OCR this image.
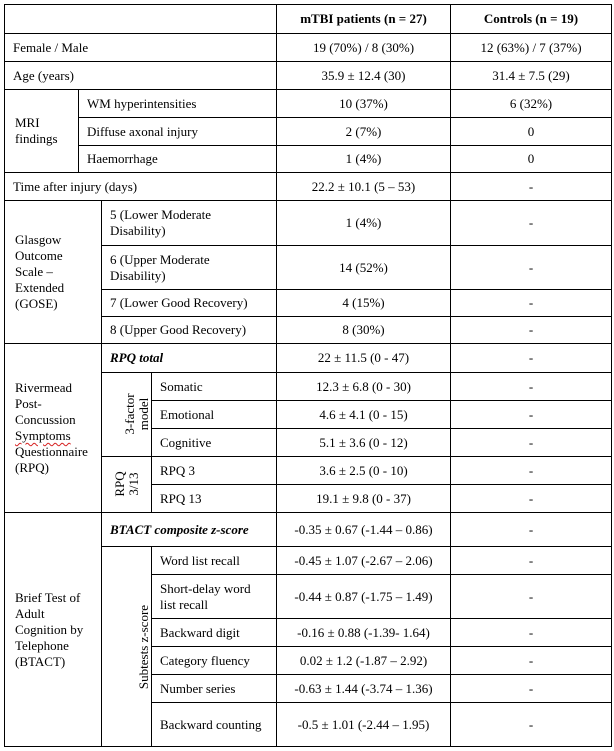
				mTBI patients (n = 27)	Controls (n = 19)
Female / Male				19 (70%) / 8 (30%)	12 (63%) / 7 (37%)
Age (years)				35.9 ± 12.4 (30)	31.4 ± 7.5 (29)
MRI findings	WM hyperintensities			10 (37%)	6 (32%)
	Diffuse axonal injury			2 (7%)	0
	Haemorrhage			1 (4%)	0
Time after injury (days)				22.2 ± 10.1 (5 – 53)	-
Glasgow Outcome Scale – Extended (GOSE)		5 (Lower Moderate Disability)		1 (4%)	-
		6 (Upper Moderate Disability)		14 (52%)	-
		7 (Lower Good Recovery)		4 (15%)	-
		8 (Upper Good Recovery)		8 (30%)	-
Rivermead Post-Concussion Symptoms Questionnaire (RPQ)		RPQ total		22 ± 11.5 (0 - 47)	-
		3-factor model	Somatic	12.3 ± 6.8 (0 - 30)	-
			Emotional	4.6 ± 4.1 (0 - 15)	-
			Cognitive	5.1 ± 3.6 (0 - 12)	-
		RPQ 3/13	RPQ 3	3.6 ± 2.5 (0 - 10)	-
			RPQ 13	19.1 ± 9.8 (0 - 37)	-
Brief Test of Adult Cognition by Telephone (BTACT)		BTACT composite z-score		-0.35 ± 0.67 (-1.44 – 0.86)	-
		Subtests z-score	Word list recall	-0.45 ± 1.07 (-2.67 – 2.06)	-
			Short-delay word list recall	-0.44 ± 0.87 (-1.75 – 1.49)	-
			Backward digit	-0.16 ± 0.88 (-1.39- 1.64)	-
			Category fluency	0.02 ± 1.2 (-1.87 – 2.92)	-
			Number series	-0.63 ± 1.44 (-3.74 – 1.36)	-
			Backward counting	-0.5 ± 1.01 (-2.44 – 1.95)	-
